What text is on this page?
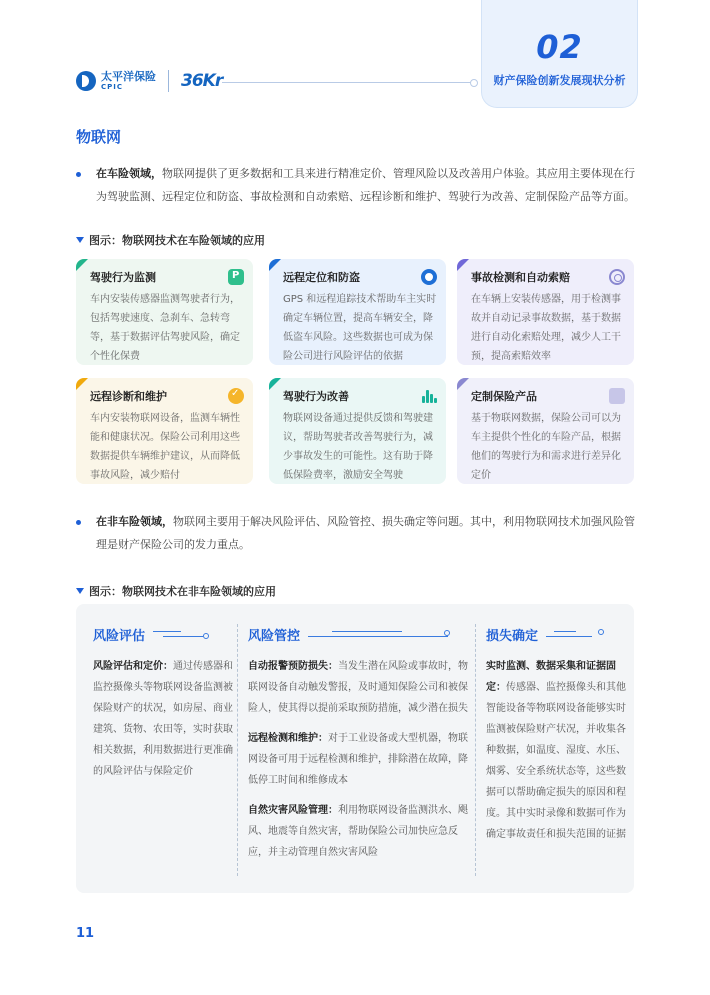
太平洋保险
CPIC	36Kr
02
财产保险创新发展现状分析
物联网
在车险领域，物联网提供了更多数据和工具来进行精准定价、管理风险以及改善用户体验。其应用主要体现在行为驾驶监测、远程定位和防盗、事故检测和自动索赔、远程诊断和维护、驾驶行为改善、定制保险产品等方面。
图示：物联网技术在车险领域的应用
驾驶行为监测
P
车内安装传感器监测驾驶者行为，包括驾驶速度、急刹车、急转弯等，基于数据评估驾驶风险，确定个性化保费
远程定位和防盗
GPS 和远程追踪技术帮助车主实时确定车辆位置，提高车辆安全，降低盗车风险。这些数据也可成为保险公司进行风险评估的依据
事故检测和自动索赔
在车辆上安装传感器，用于检测事故并自动记录事故数据，基于数据进行自动化索赔处理，减少人工干预，提高索赔效率
远程诊断和维护
✓
车内安装物联网设备，监测车辆性能和健康状况。保险公司利用这些数据提供车辆维护建议，从而降低事故风险，减少赔付
驾驶行为改善
物联网设备通过提供反馈和驾驶建议，帮助驾驶者改善驾驶行为，减少事故发生的可能性。这有助于降低保险费率，激励安全驾驶
定制保险产品
基于物联网数据，保险公司可以为车主提供个性化的车险产品，根据他们的驾驶行为和需求进行差异化定价
在非车险领域，物联网主要用于解决风险评估、风险管控、损失确定等问题。其中，利用物联网技术加强风险管理是财产保险公司的发力重点。
图示：物联网技术在非车险领域的应用
风险评估

风险评估和定价：通过传感器和监控摄像头等物联网设备监测被保险财产的状况，如房屋、商业建筑、货物、农田等，实时获取相关数据，利用数据进行更准确的风险评估与保险定价

风险管控

自动报警预防损失：当发生潜在风险或事故时，物联网设备自动触发警报，及时通知保险公司和被保险人，使其得以提前采取预防措施，减少潜在损失

远程检测和维护：对于工业设备或大型机器，物联网设备可用于远程检测和维护，排除潜在故障，降低停工时间和维修成本

自然灾害风险管理：利用物联网设备监测洪水、飓风、地震等自然灾害，帮助保险公司加快应急反应，并主动管理自然灾害风险

损失确定

实时监测、数据采集和证据固定：传感器、监控摄像头和其他智能设备等物联网设备能够实时监测被保险财产状况，并收集各种数据，如温度、湿度、水压、烟雾、安全系统状态等，这些数据可以帮助确定损失的原因和程度。其中实时录像和数据可作为确定事故责任和损失范围的证据

11
